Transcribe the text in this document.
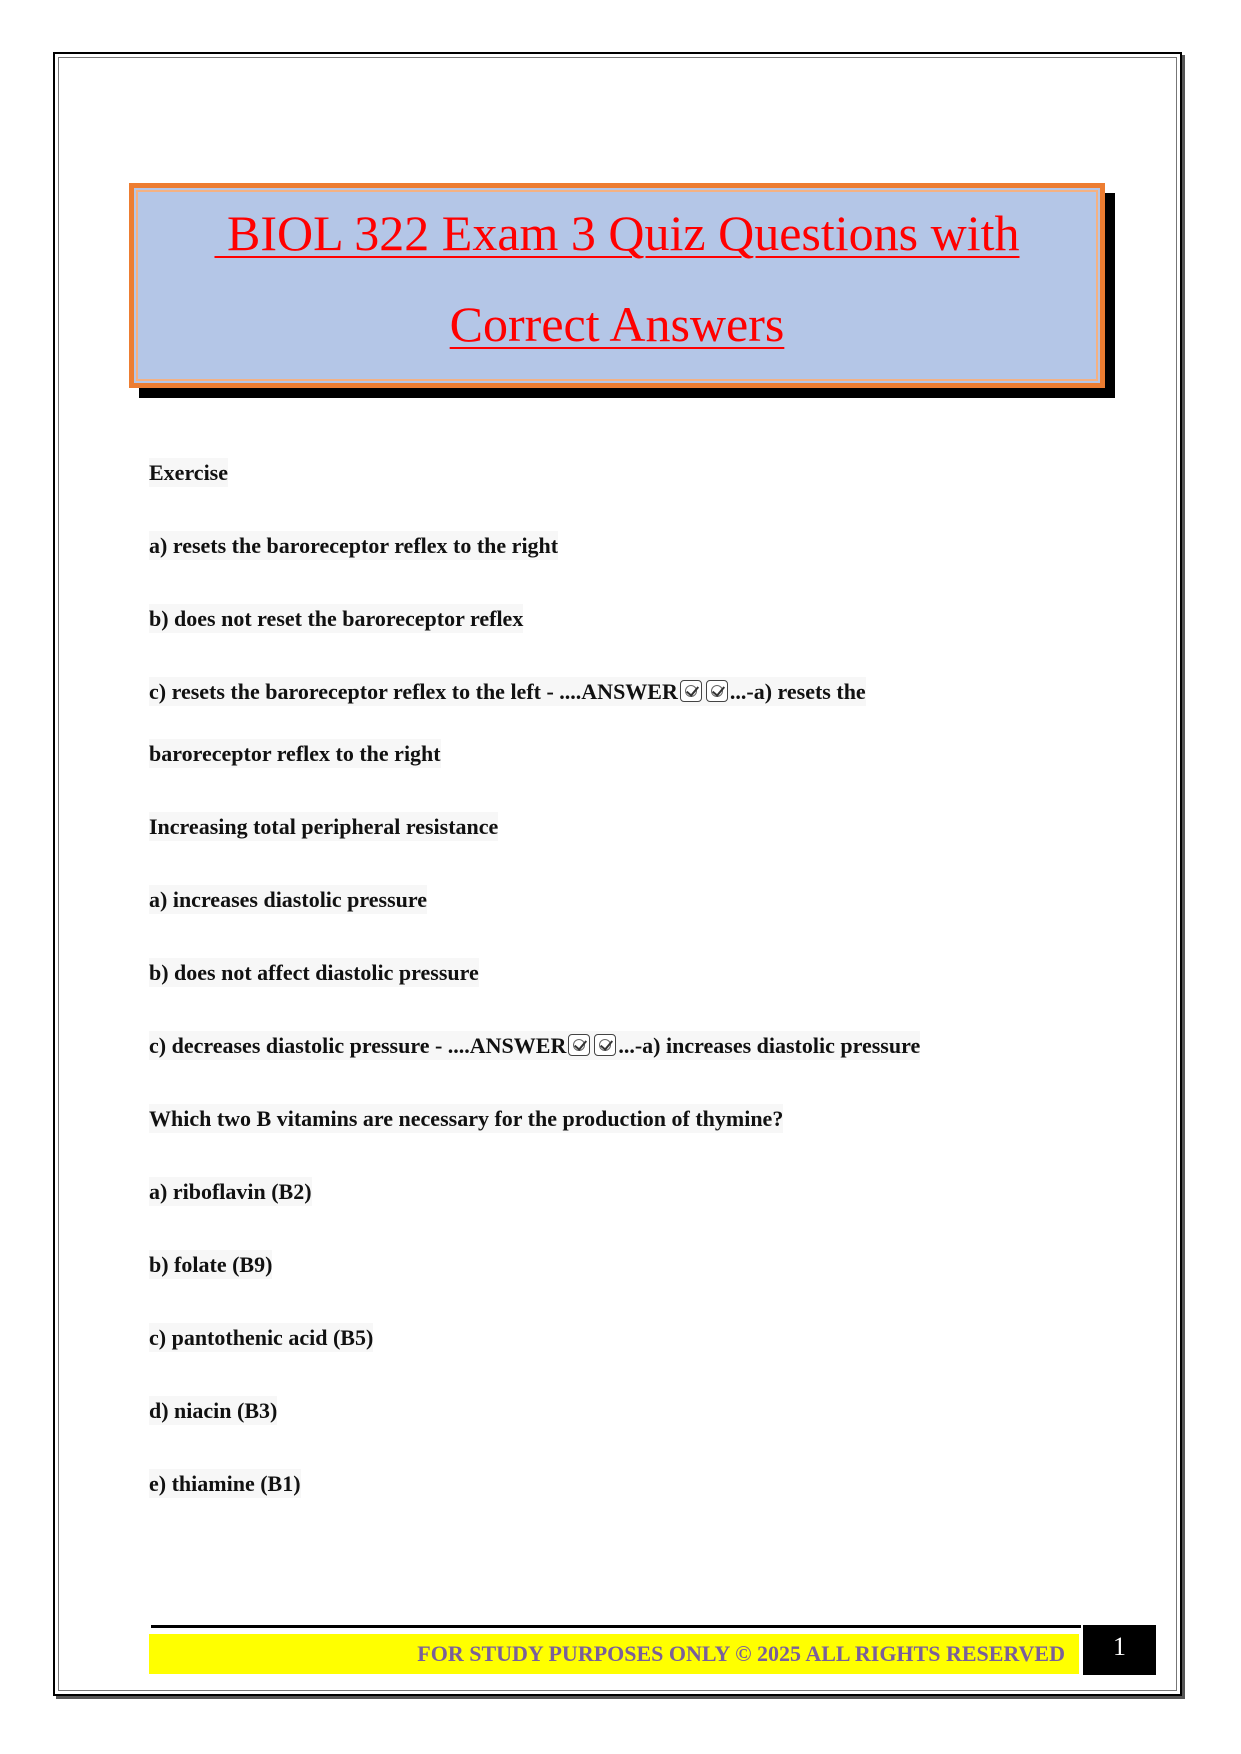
BIOL 322 Exam 3 Quiz Questions with
Correct Answers

Exercise

a) resets the baroreceptor reflex to the right

b) does not reset the baroreceptor reflex

c) resets the baroreceptor reflex to the left - ....ANSWER ...-a) resets the

baroreceptor reflex to the right

Increasing total peripheral resistance

a) increases diastolic pressure

b) does not affect diastolic pressure

c) decreases diastolic pressure - ....ANSWER ...-a) increases diastolic pressure

Which two B vitamins are necessary for the production of thymine?

a) riboflavin (B2)

b) folate (B9)

c) pantothenic acid (B5)

d) niacin (B3)

e) thiamine (B1)

FOR STUDY PURPOSES ONLY © 2025 ALL RIGHTS RESERVED	1
